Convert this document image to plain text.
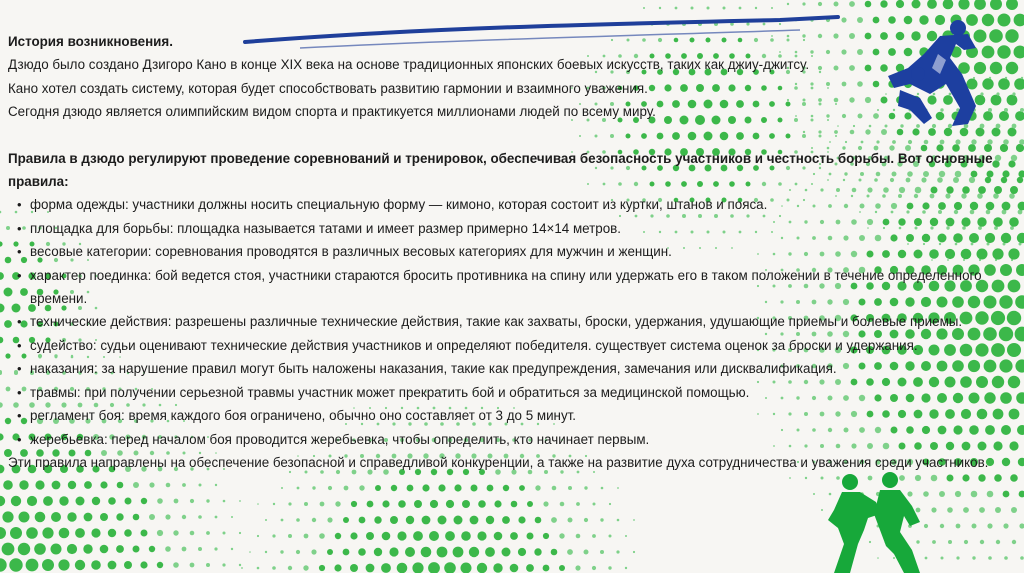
История возникновения.

Дзюдо было создано Дзигоро Кано в конце XIX века на основе традиционных японских боевых искусств, таких как джиу-джитсу.

Кано хотел создать систему, которая будет способствовать развитию гармонии и взаимного уважения.

Сегодня дзюдо является олимпийским видом спорта и практикуется миллионами людей по всему миру.

Правила в дзюдо регулируют проведение соревнований и тренировок, обеспечивая безопасность участников и честность борьбы. Вот основные правила:

• форма одежды: участники должны носить специальную форму — кимоно, которая состоит из куртки, штанов и пояса.
• площадка для борьбы: площадка называется татами и имеет размер примерно 14×14 метров.
• весовые категории: соревнования проводятся в различных весовых категориях для мужчин и женщин.
• характер поединка: бой ведется стоя, участники стараются бросить противника на спину или удержать его в таком положении в течение определенного времени.
• технические действия: разрешены различные технические действия, такие как захваты, броски, удержания, удушающие приемы и болевые приемы.
• судейство: судьи оценивают технические действия участников и определяют победителя. существует система оценок за броски и удержания.
• наказания: за нарушение правил могут быть наложены наказания, такие как предупреждения, замечания или дисквалификация.
• травмы: при получении серьезной травмы участник может прекратить бой и обратиться за медицинской помощью.
• регламент боя: время каждого боя ограничено, обычно оно составляет от 3 до 5 минут.
• жеребьевка: перед началом боя проводится жеребьевка, чтобы определить, кто начинает первым.

Эти правила направлены на обеспечение безопасной и справедливой конкуренции, а также на развитие духа сотрудничества и уважения среди участников.
